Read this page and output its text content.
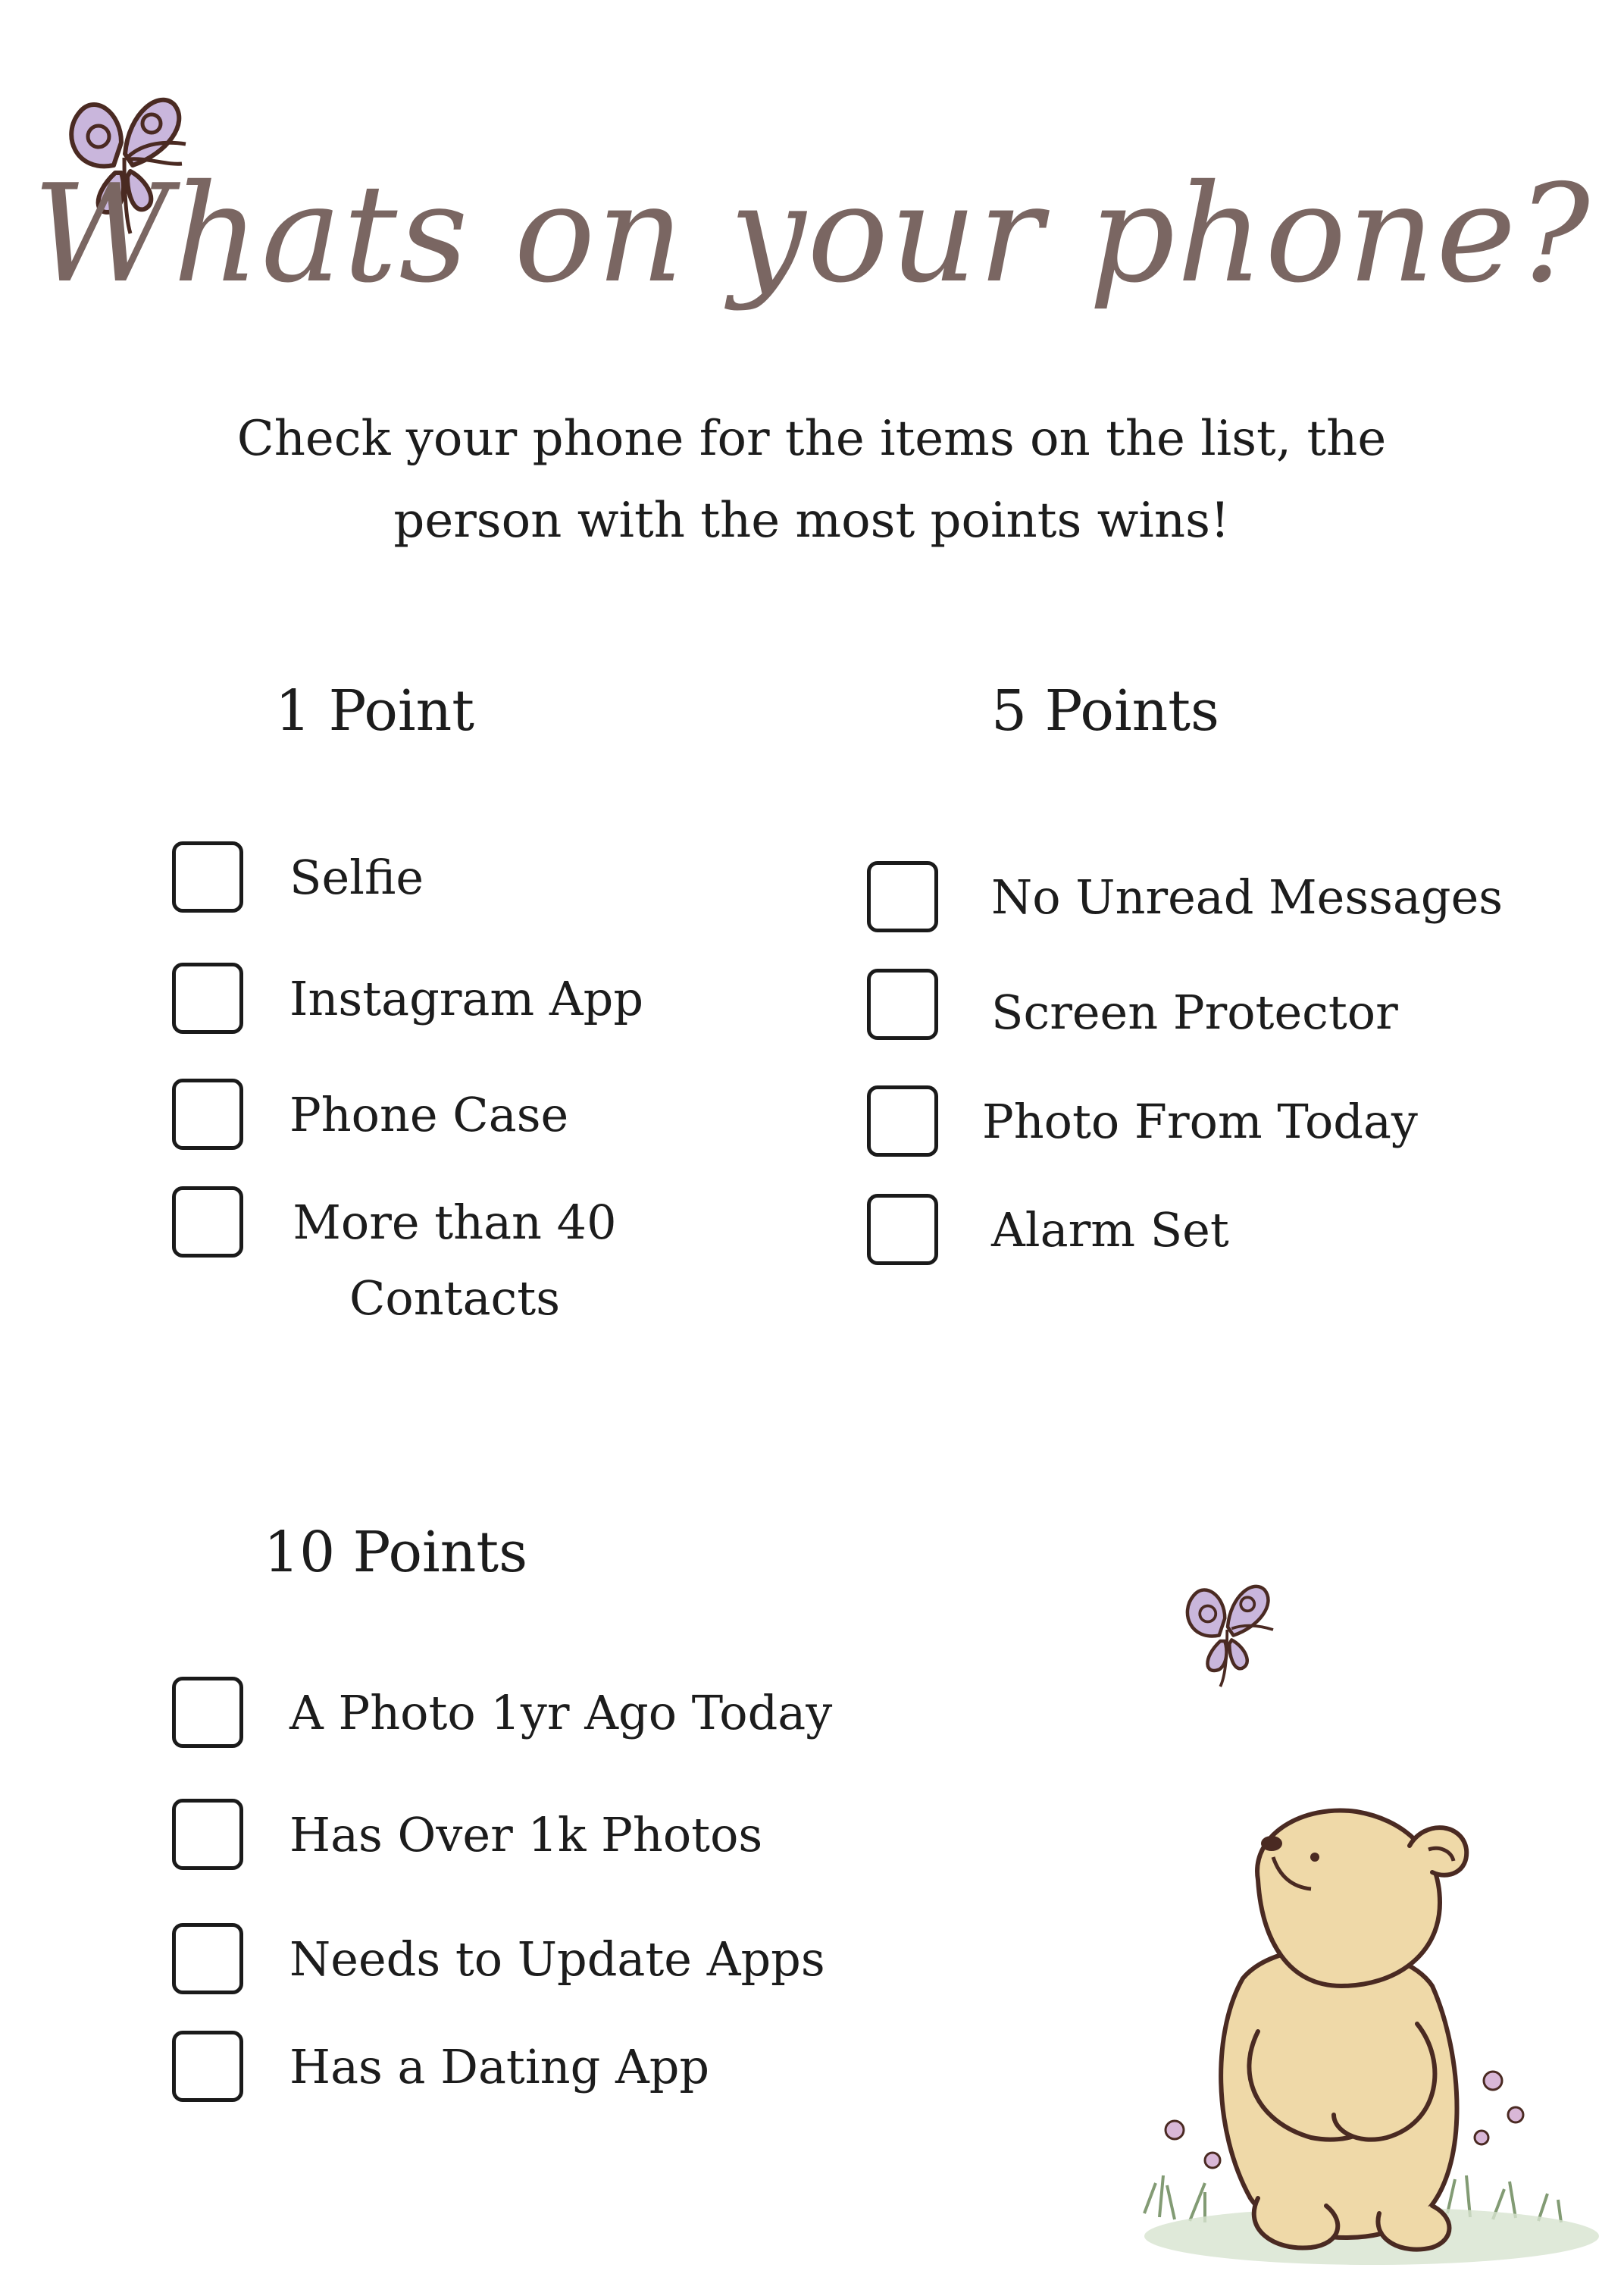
Whats on your phone?
Check your phone for the items on the list, the person with the most points wins!
1 Point
Selfie
Instagram App
Phone Case
More than 40 Contacts
5 Points
No Unread Messages
Screen Protector
Photo From Today
Alarm Set
10 Points
A Photo 1yr Ago Today
Has Over 1k Photos
Needs to Update Apps
Has a Dating App
